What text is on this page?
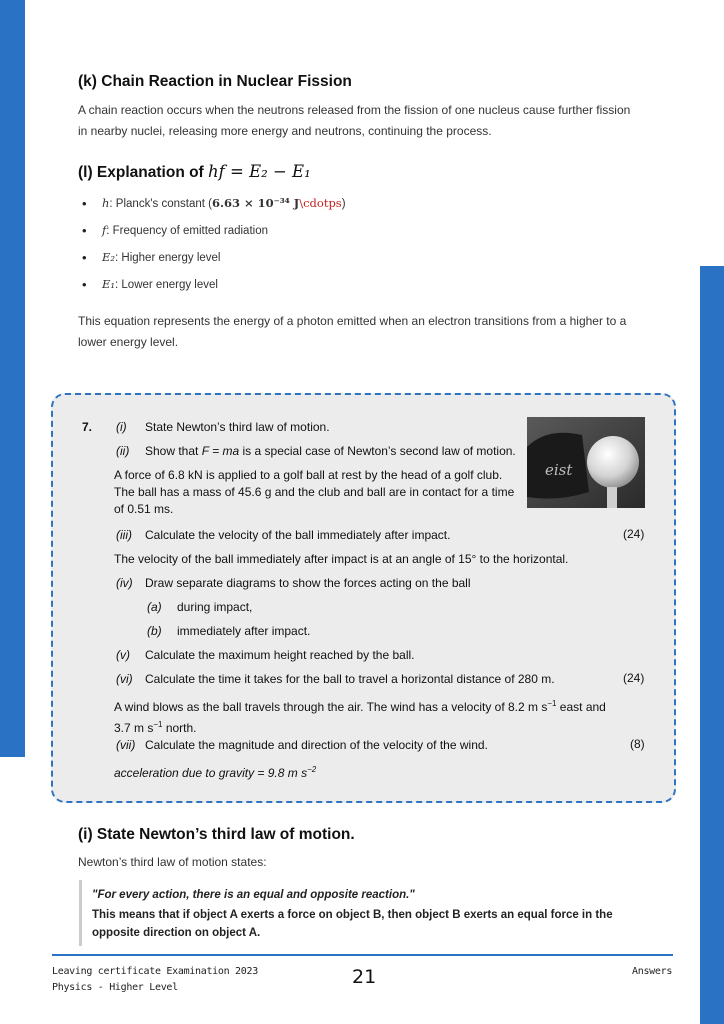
(k) Chain Reaction in Nuclear Fission

A chain reaction occurs when the neutrons released from the fission of one nucleus cause further fission
in nearby nuclei, releasing more energy and neutrons, continuing the process.

(l) Explanation of hf = E₂ − E₁
• h: Planck's constant (6.63 × 10⁻³⁴ J\cdotps)
• f: Frequency of emitted radiation
• E₂: Higher energy level
• E₁: Lower energy level

This equation represents the energy of a photon emitted when an electron transitions from a higher to a
lower energy level.

eist
7. (i) State Newton’s third law of motion.
(ii) Show that F = ma is a special case of Newton’s second law of motion.
A force of 6.8 kN is applied to a golf ball at rest by the head of a golf club.
The ball has a mass of 45.6 g and the club and ball are in contact for a time
of 0.51 ms.
(iii) Calculate the velocity of the ball immediately after impact.	(24)
The velocity of the ball immediately after impact is at an angle of 15° to the horizontal.
(iv) Draw separate diagrams to show the forces acting on the ball
(a) during impact,
(b) immediately after impact.
(v) Calculate the maximum height reached by the ball.
(vi) Calculate the time it takes for the ball to travel a horizontal distance of 280 m.	(24)
A wind blows as the ball travels through the air. The wind has a velocity of 8.2 m $s^{-1}$ east and
3.7 m $s^{-1}$ north.
(vii) Calculate the magnitude and direction of the velocity of the wind.	(8)
acceleration due to gravity = 9.8 m $s^{-2}$
(i) State Newton’s third law of motion.

Newton’s third law of motion states:

"For every action, there is an equal and opposite reaction."
This means that if object A exerts a force on object B, then object B exerts an equal force in the
opposite direction on object A.
Leaving certificate Examination 2023
Physics - Higher Level	21	Answers
